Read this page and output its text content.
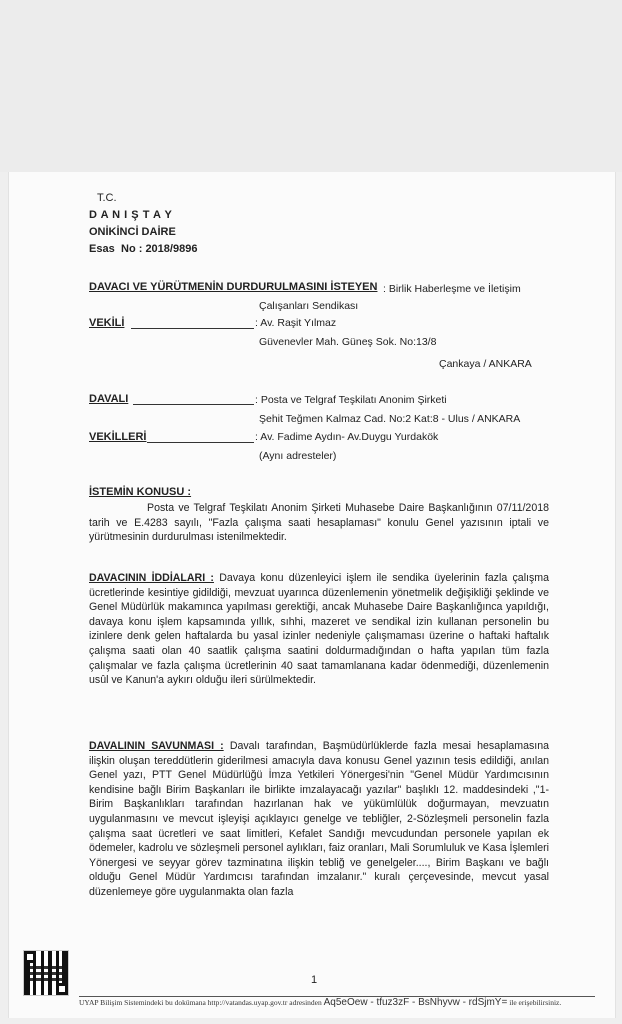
T.C.
D A N I Ş T A Y
ONİKİNCİ DAİRE
Esas No : 2018/9896
DAVACI VE YÜRÜTMENİN DURDURULMASINI İSTEYEN : Birlik Haberleşme ve İletişim
Çalışanları Sendikası
VEKİLİ	: Av. Raşit Yılmaz
Güvenevler Mah. Güneş Sok. No:13/8
Çankaya / ANKARA
DAVALI	: Posta ve Telgraf Teşkilatı Anonim Şirketi
Şehit Teğmen Kalmaz Cad. No:2 Kat:8 - Ulus / ANKARA
VEKİLLERİ	: Av. Fadime Aydın- Av.Duygu Yurdakök
(Aynı adresteler)
İSTEMİN KONUSU :
Posta ve Telgraf Teşkilatı Anonim Şirketi Muhasebe Daire Başkanlığının 07/11/2018 tarih ve E.4283 sayılı, "Fazla çalışma saati hesaplaması" konulu Genel yazısının iptali ve yürütmesinin durdurulması istenilmektedir.
DAVACININ İDDİALARI : Davaya konu düzenleyici işlem ile sendika üyelerinin fazla çalışma ücretlerinde kesintiye gidildiği, mevzuat uyarınca düzenlemenin yönetmelik değişikliği şeklinde ve Genel Müdürlük makamınca yapılması gerektiği, ancak Muhasebe Daire Başkanlığınca yapıldığı, davaya konu işlem kapsamında yıllık, sıhhi, mazeret ve sendikal izin kullanan personelin bu izinlere denk gelen haftalarda bu yasal izinler nedeniyle çalışmaması üzerine o haftaki haftalık çalışma saati olan 40 saatlik çalışma saatini doldurmadığından o hafta yapılan tüm fazla çalışmalar ve fazla çalışma ücretlerinin 40 saat tamamlanana kadar ödenmediği, düzenlemenin usûl ve Kanun'a aykırı olduğu ileri sürülmektedir.
DAVALININ SAVUNMASI : Davalı tarafından, Başmüdürlüklerde fazla mesai hesaplamasına ilişkin oluşan tereddütlerin giderilmesi amacıyla dava konusu Genel yazının tesis edildiği, anılan Genel yazı, PTT Genel Müdürlüğü İmza Yetkileri Yönergesi'nin "Genel Müdür Yardımcısının kendisine bağlı Birim Başkanları ile birlikte imzalayacağı yazılar" başlıklı 12. maddesindeki ,"1-Birim Başkanlıkları tarafından hazırlanan hak ve yükümlülük doğurmayan, mevzuatın uygulanmasını ve mevcut işleyişi açıklayıcı genelge ve tebliğler, 2-Sözleşmeli personelin fazla çalışma saat ücretleri ve saat limitleri, Kefalet Sandığı mevcudundan personele yapılan ek ödemeler, kadrolu ve sözleşmeli personel aylıkları, faiz oranları, Mali Sorumluluk ve Kasa İşlemleri Yönergesi ve seyyar görev tazminatına ilişkin tebliğ ve genelgeler...., Birim Başkanı ve bağlı olduğu Genel Müdür Yardımcısı tarafından imzalanır." kuralı çerçevesinde, mevcut yasal düzenlemeye göre uygulanmakta olan fazla
1
UYAP Bilişim Sistemindeki bu dokümana http://vatandas.uyap.gov.tr adresinden Aq5eOew - tfuz3zF - BsNhyvw - rdSjmY= ile erişebilirsiniz.
